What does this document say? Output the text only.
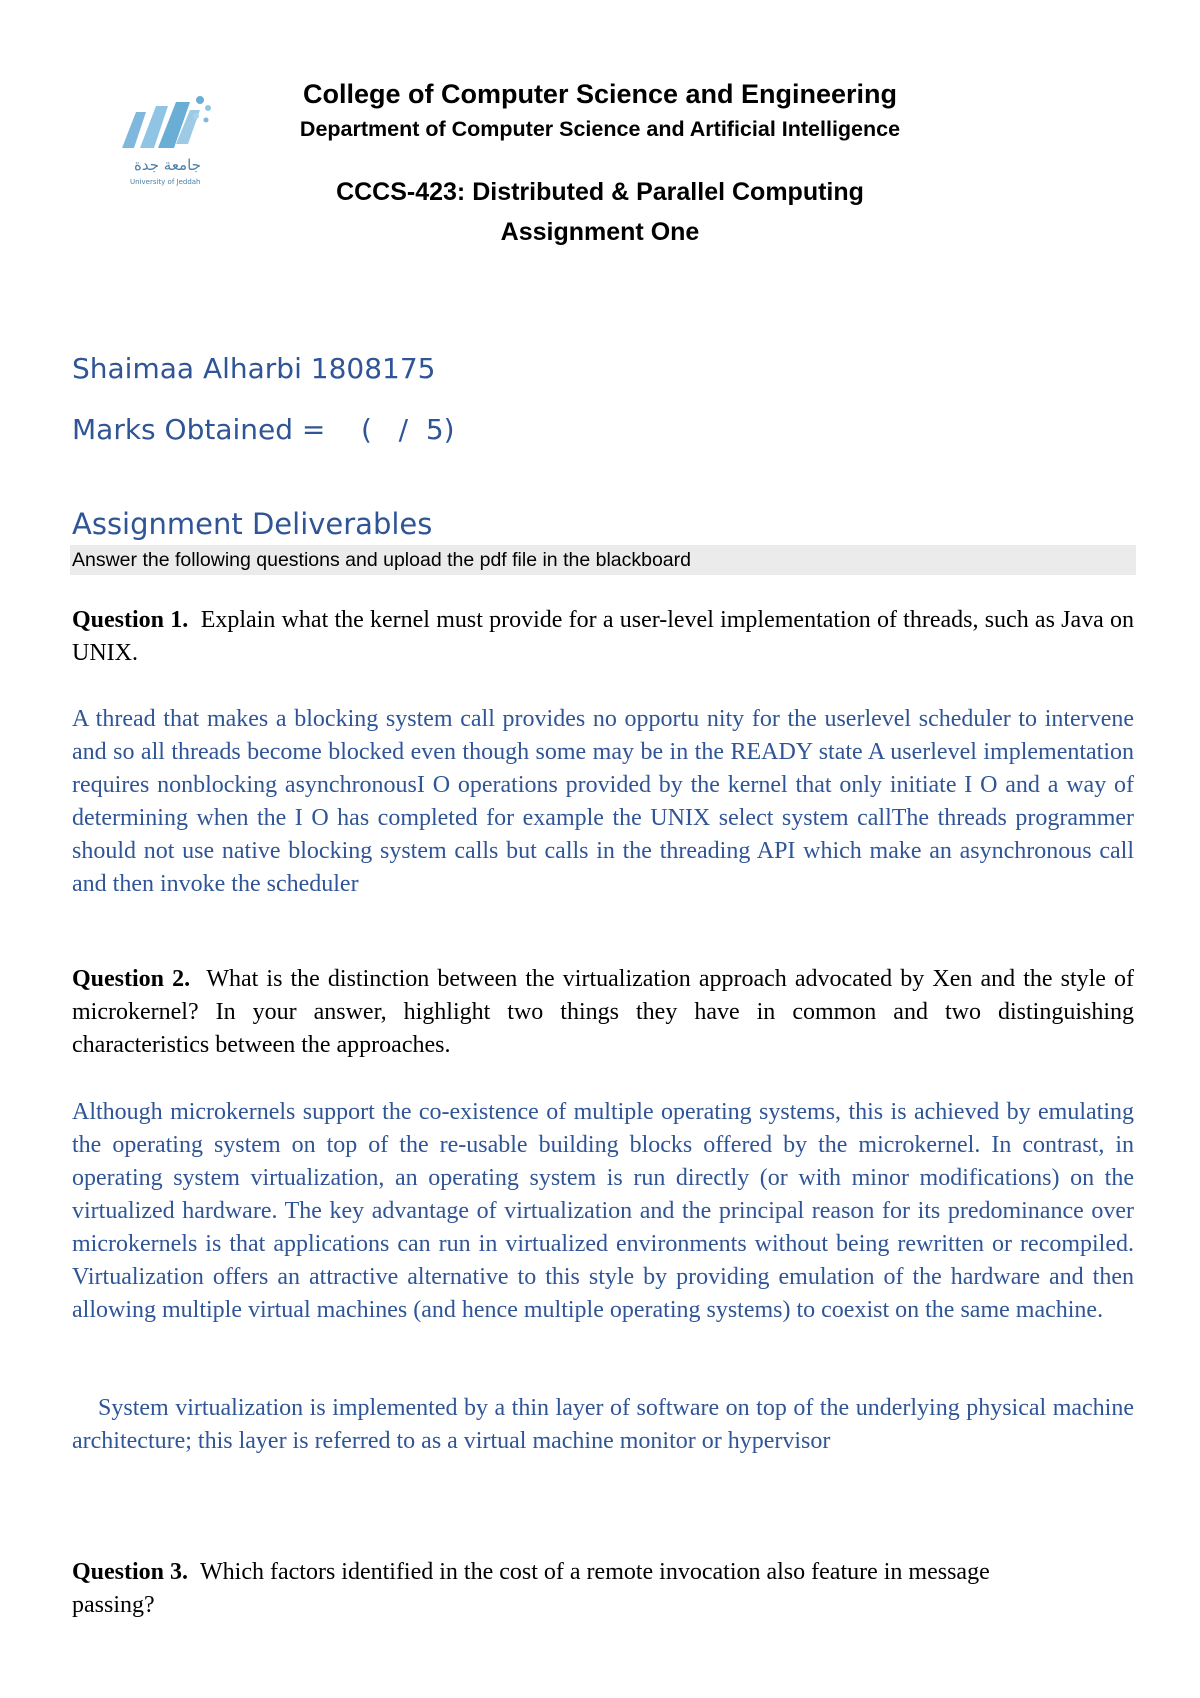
جامعة جدة
University of Jeddah
College of Computer Science and Engineering
Department of Computer Science and Artificial Intelligence
CCCS-423: Distributed & Parallel Computing
Assignment One
Shaimaa Alharbi 1808175
Marks Obtained =    (   /  5)
Assignment Deliverables
Answer the following questions and upload the pdf file in the blackboard
Question 1. Explain what the kernel must provide for a user-level implementation of threads, such as Java on UNIX.
A thread that makes a blocking system call provides no opportu nity for the userlevel scheduler to intervene and so all threads become blocked even though some may be in the READY state A userlevel implementation requires nonblocking asynchronousI O operations provided by the kernel that only initiate I O and a way of determining when the I O has completed for example the UNIX select system callThe threads programmer should not use native blocking system calls but calls in the threading API which make an asynchronous call and then invoke the scheduler
Question 2. What is the distinction between the virtualization approach advocated by Xen and the style of microkernel? In your answer, highlight two things they have in common and two distinguishing characteristics between the approaches.
Although microkernels support the co-existence of multiple operating systems, this is achieved by emulating the operating system on top of the re-usable building blocks offered by the microkernel. In contrast, in operating system virtualization, an operating system is run directly (or with minor modifications) on the virtualized hardware. The key advantage of virtualization and the principal reason for its predominance over microkernels is that applications can run in virtualized environments without being rewritten or recompiled. Virtualization offers an attractive alternative to this style by providing emulation of the hardware and then allowing multiple virtual machines (and hence multiple operating systems) to coexist on the same machine.
System virtualization is implemented by a thin layer of software on top of the underlying physical machine architecture; this layer is referred to as a virtual machine monitor or hypervisor
Question 3. Which factors identified in the cost of a remote invocation also feature in message passing?
